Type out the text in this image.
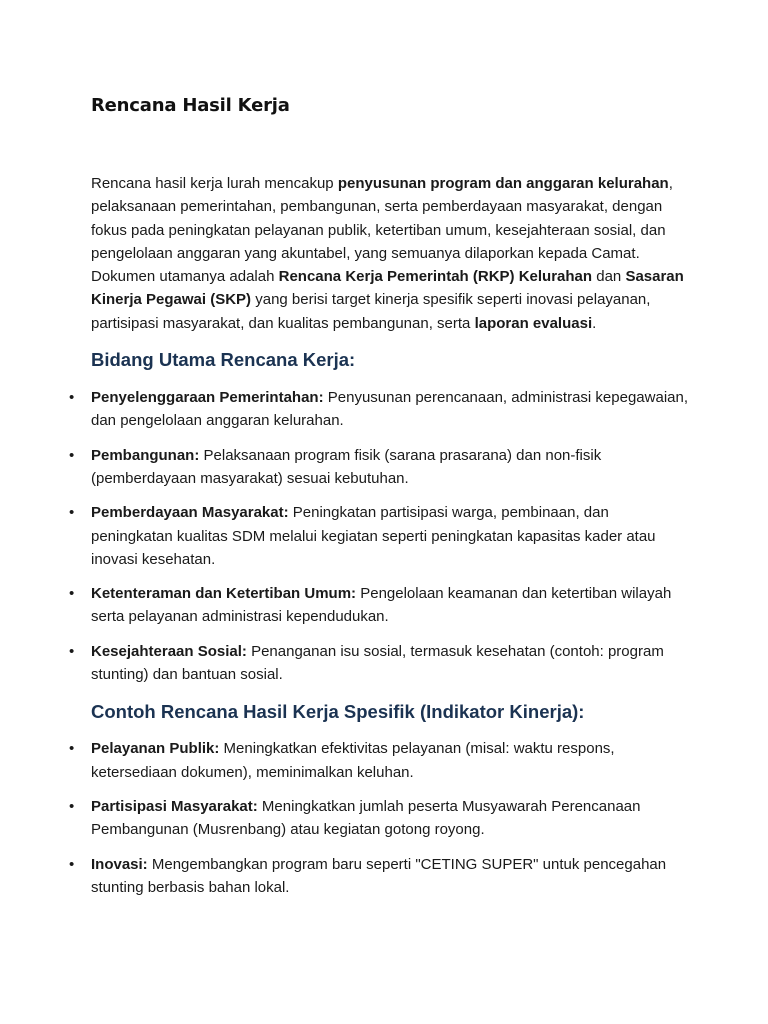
Rencana Hasil Kerja

Rencana hasil kerja lurah mencakup penyusunan program dan anggaran kelurahan, pelaksanaan pemerintahan, pembangunan, serta pemberdayaan masyarakat, dengan fokus pada peningkatan pelayanan publik, ketertiban umum, kesejahteraan sosial, dan pengelolaan anggaran yang akuntabel, yang semuanya dilaporkan kepada Camat. Dokumen utamanya adalah Rencana Kerja Pemerintah (RKP) Kelurahan dan Sasaran Kinerja Pegawai (SKP) yang berisi target kinerja spesifik seperti inovasi pelayanan, partisipasi masyarakat, dan kualitas pembangunan, serta laporan evaluasi.

Bidang Utama Rencana Kerja:
• Penyelenggaraan Pemerintahan: Penyusunan perencanaan, administrasi kepegawaian, dan pengelolaan anggaran kelurahan.
• Pembangunan: Pelaksanaan program fisik (sarana prasarana) dan non-fisik (pemberdayaan masyarakat) sesuai kebutuhan.
• Pemberdayaan Masyarakat: Peningkatan partisipasi warga, pembinaan, dan peningkatan kualitas SDM melalui kegiatan seperti peningkatan kapasitas kader atau inovasi kesehatan.
• Ketenteraman dan Ketertiban Umum: Pengelolaan keamanan dan ketertiban wilayah serta pelayanan administrasi kependudukan.
• Kesejahteraan Sosial: Penanganan isu sosial, termasuk kesehatan (contoh: program stunting) dan bantuan sosial.
Contoh Rencana Hasil Kerja Spesifik (Indikator Kinerja):
• Pelayanan Publik: Meningkatkan efektivitas pelayanan (misal: waktu respons, ketersediaan dokumen), meminimalkan keluhan.
• Partisipasi Masyarakat: Meningkatkan jumlah peserta Musyawarah Perencanaan Pembangunan (Musrenbang) atau kegiatan gotong royong.
• Inovasi: Mengembangkan program baru seperti "CETING SUPER" untuk pencegahan stunting berbasis bahan lokal.
